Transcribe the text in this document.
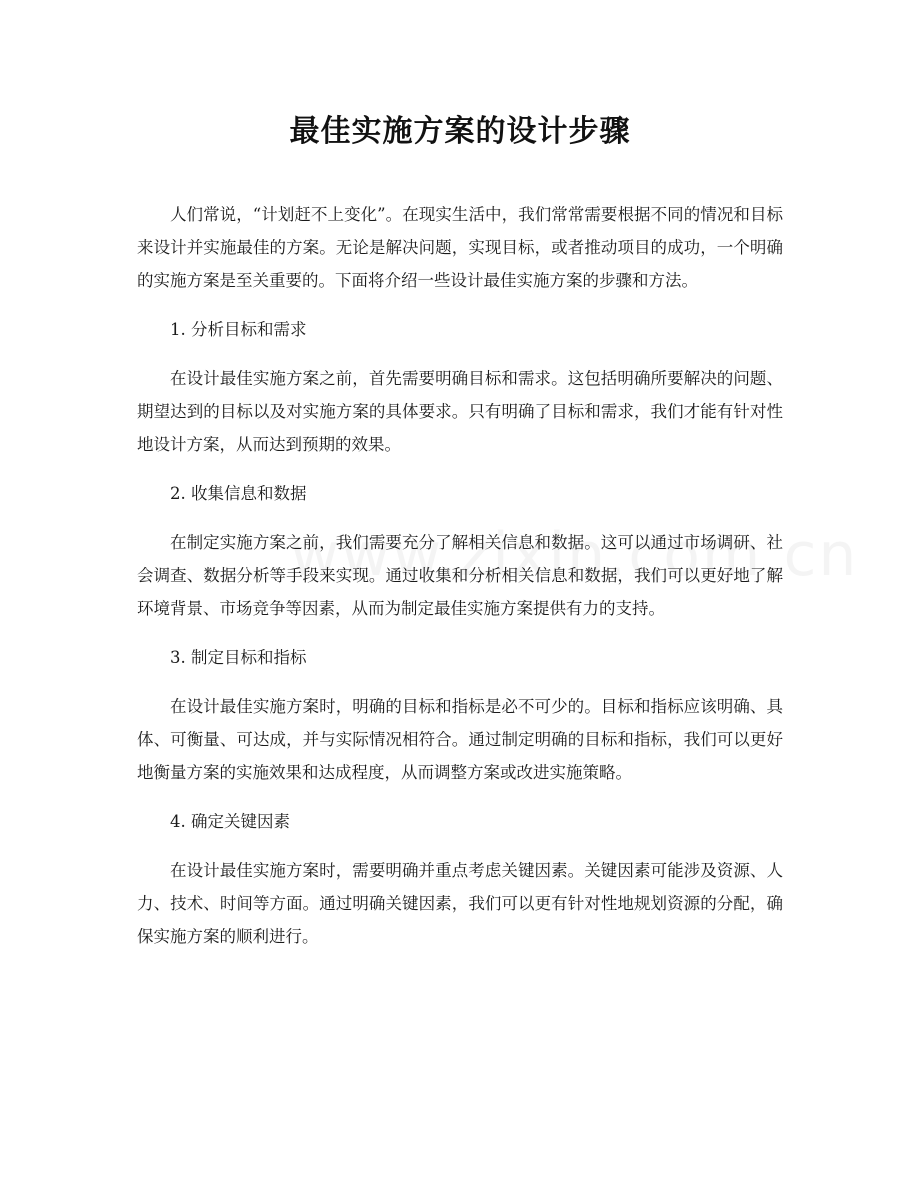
最佳实施方案的设计步骤

人们常说，“计划赶不上变化”。在现实生活中，我们常常需要根据不同的情况和目标来设计并实施最佳的方案。无论是解决问题，实现目标，或者推动项目的成功，一个明确的实施方案是至关重要的。下面将介绍一些设计最佳实施方案的步骤和方法。

1. 分析目标和需求

在设计最佳实施方案之前，首先需要明确目标和需求。这包括明确所要解决的问题、期望达到的目标以及对实施方案的具体要求。只有明确了目标和需求，我们才能有针对性地设计方案，从而达到预期的效果。

2. 收集信息和数据

在制定实施方案之前，我们需要充分了解相关信息和数据。这可以通过市场调研、社会调查、数据分析等手段来实现。通过收集和分析相关信息和数据，我们可以更好地了解环境背景、市场竞争等因素，从而为制定最佳实施方案提供有力的支持。

3. 制定目标和指标

在设计最佳实施方案时，明确的目标和指标是必不可少的。目标和指标应该明确、具体、可衡量、可达成，并与实际情况相符合。通过制定明确的目标和指标，我们可以更好地衡量方案的实施效果和达成程度，从而调整方案或改进实施策略。

4. 确定关键因素

在设计最佳实施方案时，需要明确并重点考虑关键因素。关键因素可能涉及资源、人力、技术、时间等方面。通过明确关键因素，我们可以更有针对性地规划资源的分配，确保实施方案的顺利进行。
